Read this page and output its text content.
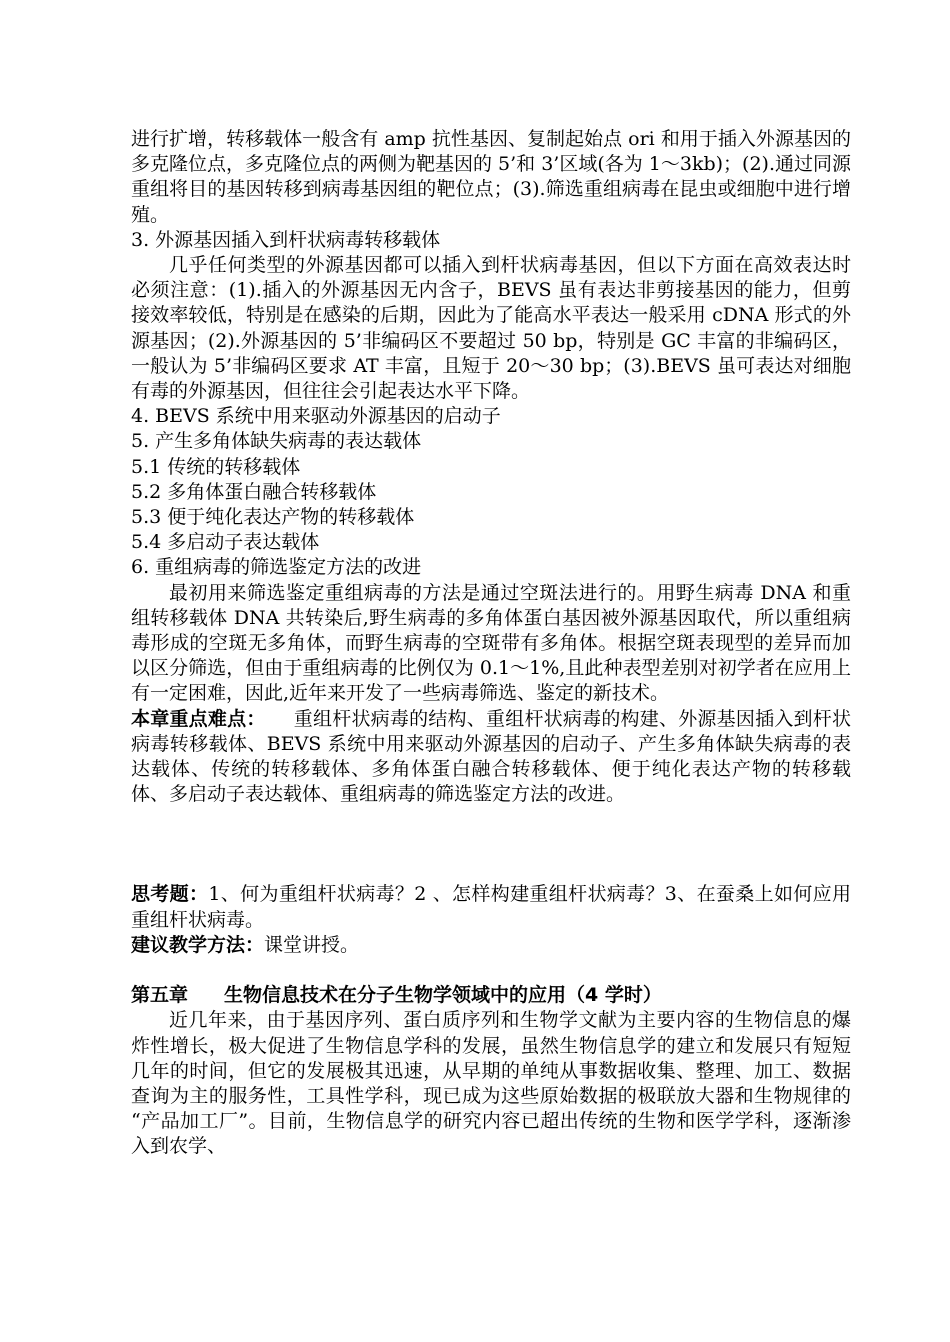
进行扩增，转移载体一般含有 amp 抗性基因、复制起始点 ori 和用于插入外源基因的多克隆位点，多克隆位点的两侧为靶基因的 5’和 3’区域(各为 1～3kb)；(2).通过同源重组将目的基因转移到病毒基因组的靶位点；(3).筛选重组病毒在昆虫或细胞中进行增殖。

3. 外源基因插入到杆状病毒转移载体

几乎任何类型的外源基因都可以插入到杆状病毒基因，但以下方面在高效表达时必须注意：(1).插入的外源基因无内含子，BEVS 虽有表达非剪接基因的能力，但剪接效率较低，特别是在感染的后期，因此为了能高水平表达一般采用 cDNA 形式的外源基因；(2).外源基因的 5’非编码区不要超过 50 bp，特别是 GC 丰富的非编码区，一般认为 5’非编码区要求 AT 丰富，且短于 20～30 bp；(3).BEVS 虽可表达对细胞有毒的外源基因，但往往会引起表达水平下降。

4. BEVS 系统中用来驱动外源基因的启动子

5. 产生多角体缺失病毒的表达载体

5.1 传统的转移载体

5.2 多角体蛋白融合转移载体

5.3 便于纯化表达产物的转移载体

5.4 多启动子表达载体

6. 重组病毒的筛选鉴定方法的改进

最初用来筛选鉴定重组病毒的方法是通过空斑法进行的。用野生病毒 DNA 和重组转移载体 DNA 共转染后,野生病毒的多角体蛋白基因被外源基因取代，所以重组病毒形成的空斑无多角体，而野生病毒的空斑带有多角体。根据空斑表现型的差异而加以区分筛选，但由于重组病毒的比例仅为 0.1～1%,且此种表型差别对初学者在应用上有一定困难，因此,近年来开发了一些病毒筛选、鉴定的新技术。

本章重点难点： 重组杆状病毒的结构、重组杆状病毒的构建、外源基因插入到杆状病毒转移载体、BEVS 系统中用来驱动外源基因的启动子、产生多角体缺失病毒的表达载体、传统的转移载体、多角体蛋白融合转移载体、便于纯化表达产物的转移载体、多启动子表达载体、重组病毒的筛选鉴定方法的改进。

思考题：1、何为重组杆状病毒？2 、怎样构建重组杆状病毒？3、在蚕桑上如何应用重组杆状病毒。

建议教学方法：课堂讲授。

第五章 生物信息技术在分子生物学领域中的应用（4 学时）

近几年来，由于基因序列、蛋白质序列和生物学文献为主要内容的生物信息的爆炸性增长，极大促进了生物信息学科的发展，虽然生物信息学的建立和发展只有短短几年的时间，但它的发展极其迅速，从早期的单纯从事数据收集、整理、加工、数据查询为主的服务性，工具性学科，现已成为这些原始数据的极联放大器和生物规律的 “产品加工厂”。目前，生物信息学的研究内容已超出传统的生物和医学学科，逐渐渗入到农学、
